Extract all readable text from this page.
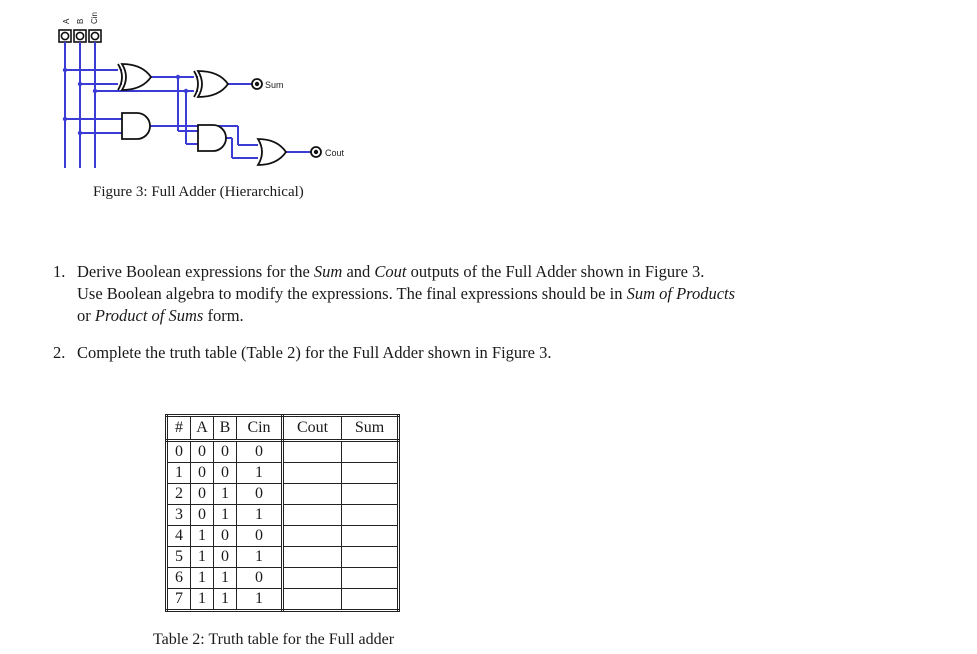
A B Cin
Sum
Cout
Figure 3: Full Adder (Hierarchical)
1. Derive Boolean expressions for the Sum and Cout outputs of the Full Adder shown in Figure 3.
Use Boolean algebra to modify the expressions. The final expressions should be in Sum of Products
or Product of Sums form.
2. Complete the truth table (Table 2) for the Full Adder shown in Figure 3.
#	A	B	Cin	Cout	Sum
0	0	0	0		
1	0	0	1		
2	0	1	0		
3	0	1	1		
4	1	0	0		
5	1	0	1		
6	1	1	0		
7	1	1	1		
Table 2: Truth table for the Full adder
